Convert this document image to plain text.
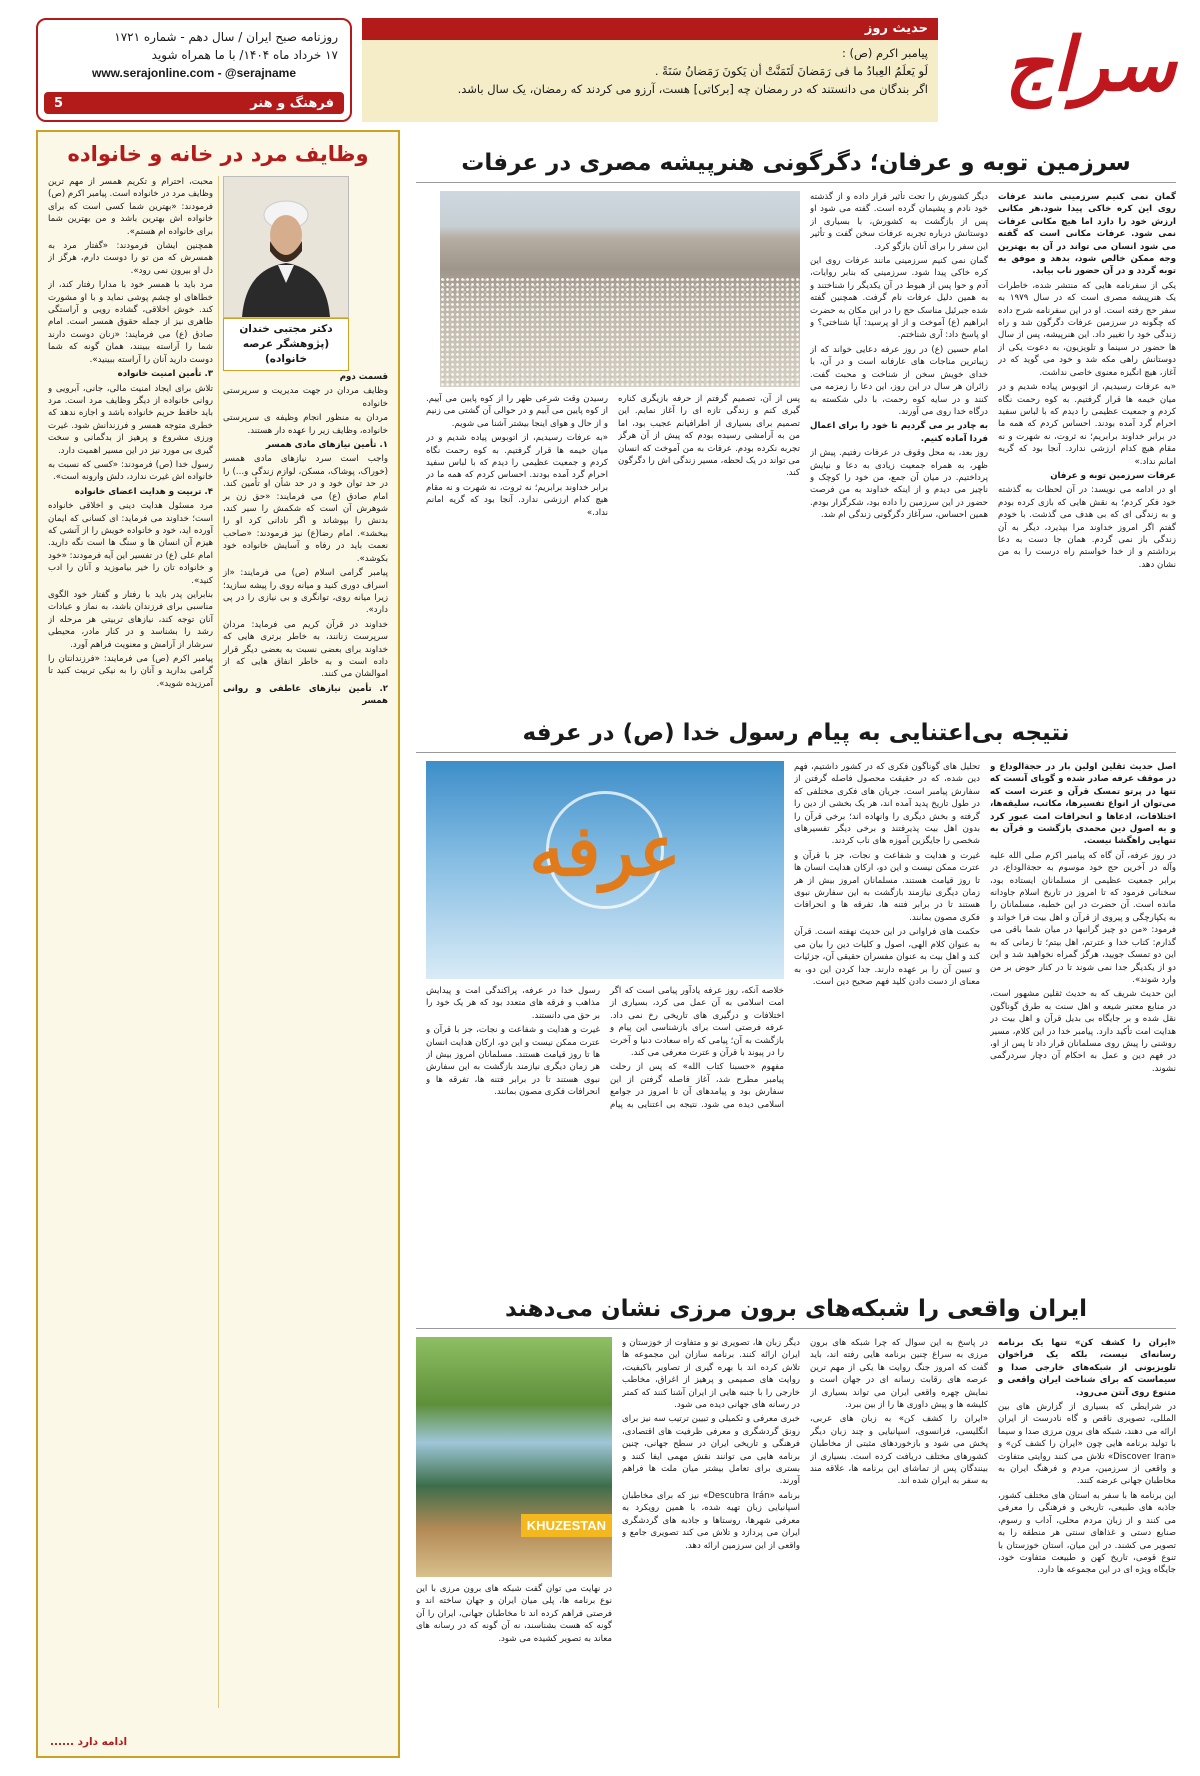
سراج
حدیث روز
پیامبر اکرم (ص) :
لَو یَعلَمُ العِبادُ ما فی رَمَضانَ لَتَمَنَّتْ أن یَکونَ رَمَضانُ سَنَةً .
اگر بندگان می دانستند که در رمضان چه [برکاتی] هست، آرزو می کردند که رمضان، یک سال باشد.
روزنامه صبح ایران / سال دهم - شماره ۱۷۲۱
۱۷ خرداد ماه ۱۴۰۴/ با ما همراه شوید
www.serajonline.com - @serajname
فرهنگ و هنر
5
وظایف مرد در خانه و خانواده
دکتر مجتبی خندان
(پژوهشگر عرصه خانواده)

قسمت دوم

وظایف مردان در جهت مدیریت و سرپرستی خانواده

مردان به منظور انجام وظیفه ی سرپرستی خانواده، وظایف زیر را عهده دار هستند.

۱. تأمین نیازهای مادی همسر

واجب است سرد نیازهای مادی همسر (خوراک، پوشاک، مسکن، لوازم زندگی و...) را در حد توان خود و در حد شأن او تأمین کند. امام صادق (ع) می فرمایند: «حق زن بر شوهرش آن است که شکمش را سیر کند، بدنش را بپوشاند و اگر نادانی کرد او را ببخشد». امام رضا(ع) نیز فرمودند: «صاحب نعمت باید در رفاه و آسایش خانواده خود بکوشد».

پیامبر گرامی اسلام (ص) می فرمایند: «از اسراف دوری کنید و میانه روی را پیشه سازید؛ زیرا میانه روی، توانگری و بی نیازی را در پی دارد».

خداوند در قرآن کریم می فرماید: مردان سرپرست زنانند، به خاطر برتری هایی که خداوند برای بعضی نسبت به بعضی دیگر قرار داده است و به خاطر انفاق هایی که از اموالشان می کنند.

۲. تأمین نیازهای عاطفی و روانی همسر

محبت، احترام و تکریم همسر از مهم ترین وظایف مرد در خانواده است. پیامبر اکرم (ص) فرمودند: «بهترین شما کسی است که برای خانواده اش بهترین باشد و من بهترین شما برای خانواده ام هستم».

همچنین ایشان فرمودند: «گفتار مرد به همسرش که من تو را دوست دارم، هرگز از دل او بیرون نمی رود».

مرد باید با همسر خود با مدارا رفتار کند، از خطاهای او چشم پوشی نماید و با او مشورت کند. خوش اخلاقی، گشاده رویی و آراستگی ظاهری نیز از جمله حقوق همسر است. امام صادق (ع) می فرمایند: «زنان دوست دارند شما را آراسته ببینند، همان گونه که شما دوست دارید آنان را آراسته ببینید».

۳. تأمین امنیت خانواده

تلاش برای ایجاد امنیت مالی، جانی، آبرویی و روانی خانواده از دیگر وظایف مرد است. مرد باید حافظ حریم خانواده باشد و اجازه ندهد که خطری متوجه همسر و فرزندانش شود. غیرت ورزی مشروع و پرهیز از بدگمانی و سخت گیری بی مورد نیز در این مسیر اهمیت دارد.

رسول خدا (ص) فرمودند: «کسی که نسبت به خانواده اش غیرت ندارد، دلش وارونه است».

۴. تربیت و هدایت اعضای خانواده

مرد مسئول هدایت دینی و اخلاقی خانواده است؛ خداوند می فرماید: ای کسانی که ایمان آورده اید، خود و خانواده خویش را از آتشی که هیزم آن انسان ها و سنگ ها است نگه دارید. امام علی (ع) در تفسیر این آیه فرمودند: «خود و خانواده تان را خیر بیاموزید و آنان را ادب کنید».

بنابراین پدر باید با رفتار و گفتار خود الگوی مناسبی برای فرزندان باشد، به نماز و عبادات آنان توجه کند، نیازهای تربیتی هر مرحله از رشد را بشناسد و در کنار مادر، محیطی سرشار از آرامش و معنویت فراهم آورد.

پیامبر اکرم (ص) می فرمایند: «فرزندانتان را گرامی بدارید و آنان را به نیکی تربیت کنید تا آمرزیده شوید».

ادامه دارد ......
سرزمین توبه و عرفان؛ دگرگونی هنرپیشه مصری در عرفات

گمان نمی کنیم سرزمینی مانند عرفات روی این کره خاکی پیدا شود.هر مکانی ارزش خود را دارد اما هیچ مکانی عرفات نمی شود. عرفات مکانی است که گفته می شود انسان می تواند در آن به بهترین وجه ممکن خالص شود، بدهد و موفق به توبه گردد و در آن حضور ناب بیابد.

یکی از سفرنامه هایی که منتشر شده، خاطرات یک هنرپیشه مصری است که در سال ۱۹۷۹ به سفر حج رفته است. او در این سفرنامه شرح داده که چگونه در سرزمین عرفات دگرگون شد و راه زندگی خود را تغییر داد. این هنرپیشه، پس از سال ها حضور در سینما و تلویزیون، به دعوت یکی از دوستانش راهی مکه شد و خود می گوید که در آغاز، هیچ انگیزه معنوی خاصی نداشت.

«به عرفات رسیدیم، از اتوبوس پیاده شدیم و در میان خیمه ها قرار گرفتیم. به کوه رحمت نگاه کردم و جمعیت عظیمی را دیدم که با لباس سفید احرام گرد آمده بودند. احساس کردم که همه ما در برابر خداوند برابریم؛ نه ثروت، نه شهرت و نه مقام هیچ کدام ارزشی ندارد. آنجا بود که گریه امانم نداد.»

عرفات سرزمین توبه و عرفان

او در ادامه می نویسد: در آن لحظات به گذشته خود فکر کردم؛ به نقش هایی که بازی کرده بودم و به زندگی ای که بی هدف می گذشت. با خودم گفتم اگر امروز خداوند مرا بپذیرد، دیگر به آن زندگی باز نمی گردم. همان جا دست به دعا برداشتم و از خدا خواستم راه درست را به من نشان دهد.

دیگر کشورش را تحت تأثیر قرار داده و از گذشته خود نادم و پشیمان گرده است. گفته می شود او پس از بازگشت به کشورش، با بسیاری از دوستانش درباره تجربه عرفات سخن گفت و تأثیر این سفر را برای آنان بازگو کرد.

گمان نمی کنیم سرزمینی مانند عرفات روی این کره خاکی پیدا شود. سرزمینی که بنابر روایات، آدم و حوا پس از هبوط در آن یکدیگر را شناختند و به همین دلیل عرفات نام گرفت. همچنین گفته شده جبرئیل مناسک حج را در این مکان به حضرت ابراهیم (ع) آموخت و از او پرسید: آیا شناختی؟ و او پاسخ داد: آری شناختم.

امام حسین (ع) در روز عرفه دعایی خواند که از زیباترین مناجات های عارفانه است و در آن، با خدای خویش سخن از شناخت و محبت گفت. زائران هر سال در این روز، این دعا را زمزمه می کنند و در سایه کوه رحمت، با دلی شکسته به درگاه خدا روی می آورند.

به چادر بر می گردیم تا خود را برای اعمال فردا آماده کنیم.

روز بعد، به محل وقوف در عرفات رفتیم. پیش از ظهر، به همراه جمعیت زیادی به دعا و نیایش پرداختیم. در میان آن جمع، من خود را کوچک و ناچیز می دیدم و از اینکه خداوند به من فرصت حضور در این سرزمین را داده بود، شکرگزار بودم. همین احساس، سرآغاز دگرگونی زندگی ام شد.

پس از آن، تصمیم گرفتم از حرفه بازیگری کناره گیری کنم و زندگی تازه ای را آغاز نمایم. این تصمیم برای بسیاری از اطرافیانم عجیب بود، اما من به آرامشی رسیده بودم که پیش از آن هرگز تجربه نکرده بودم. عرفات به من آموخت که انسان می تواند در یک لحظه، مسیر زندگی اش را دگرگون کند.

رسیدن وقت شرعی ظهر را از کوه پایین می آییم. از کوه پایین می آییم و در حوالی آن گشتی می زنیم و از حال و هوای اینجا بیشتر آشنا می شویم.

«به عرفات رسیدیم، از اتوبوس پیاده شدیم و در میان خیمه ها قرار گرفتیم. به کوه رحمت نگاه کردم و جمعیت عظیمی را دیدم که با لباس سفید احرام گرد آمده بودند. احساس کردم که همه ما در برابر خداوند برابریم؛ نه ثروت، نه شهرت و نه مقام هیچ کدام ارزشی ندارد. آنجا بود که گریه امانم نداد.»

نتیجه بی‌اعتنایی به پیام رسول خدا (ص) در عرفه

اصل حدیث ثقلین اولین بار در حجةالوداع و در موقف عرفه صادر شده و گویای آنست که تنها در پرتو تمسک قرآن و عترت است که می‌توان از انواع تفسیرها، مکاتب، سلیقه‌ها، اختلافات، ادعاها و انحرافات امت عبور کرد و به اصول دین محمدی بازگشت و قرآن به تنهایی راهگشا نیست.

در روز عرفه، آن گاه که پیامبر اکرم صلی الله علیه وآله در آخرین حج خود موسوم به حجةالوداع، در برابر جمعیت عظیمی از مسلمانان ایستاده بود، سخنانی فرمود که تا امروز در تاریخ اسلام جاودانه مانده است. آن حضرت در این خطبه، مسلمانان را به یکپارچگی و پیروی از قرآن و اهل بیت فرا خواند و فرمود: «من دو چیز گرانبها در میان شما باقی می گذارم: کتاب خدا و عترتم، اهل بیتم؛ تا زمانی که به این دو تمسک جویید، هرگز گمراه نخواهید شد و این دو از یکدیگر جدا نمی شوند تا در کنار حوض بر من وارد شوند».

این حدیث شریف که به حدیث ثقلین مشهور است، در منابع معتبر شیعه و اهل سنت به طرق گوناگون نقل شده و بر جایگاه بی بدیل قرآن و اهل بیت در هدایت امت تأکید دارد. پیامبر خدا در این کلام، مسیر روشنی را پیش روی مسلمانان قرار داد تا پس از او، در فهم دین و عمل به احکام آن دچار سردرگمی نشوند.

تحلیل های گوناگون فکری که در کشور داشتیم، فهم دین شده، که در حقیقت محصول فاصله گرفتن از سفارش پیامبر است. جریان های فکری مختلفی که در طول تاریخ پدید آمده اند، هر یک بخشی از دین را گرفته و بخش دیگری را وانهاده اند؛ برخی قرآن را بدون اهل بیت پذیرفتند و برخی دیگر تفسیرهای شخصی را جایگزین آموزه های ناب کردند.

غیرت و هدایت و شفاعت و نجات، جز با قرآن و عترت ممکن نیست و این دو، ارکان هدایت انسان ها تا روز قیامت هستند. مسلمانان امروز بیش از هر زمان دیگری نیازمند بازگشت به این سفارش نبوی هستند تا در برابر فتنه ها، تفرقه ها و انحرافات فکری مصون بمانند.

حکمت های فراوانی در این حدیث نهفته است. قرآن به عنوان کلام الهی، اصول و کلیات دین را بیان می کند و اهل بیت به عنوان مفسران حقیقی آن، جزئیات و تبیین آن را بر عهده دارند. جدا کردن این دو، به معنای از دست دادن کلید فهم صحیح دین است.

عرفه

خلاصه آنکه، روز عرفه یادآور پیامی است که اگر امت اسلامی به آن عمل می کرد، بسیاری از اختلافات و درگیری های تاریخی رخ نمی داد. عرفه فرصتی است برای بازشناسی این پیام و بازگشت به آن؛ پیامی که راه سعادت دنیا و آخرت را در پیوند با قرآن و عترت معرفی می کند.

مفهوم «حسبنا کتاب الله» که پس از رحلت پیامبر مطرح شد، آغاز فاصله گرفتن از این سفارش بود و پیامدهای آن تا امروز در جوامع اسلامی دیده می شود. نتیجه بی اعتنایی به پیام رسول خدا در عرفه، پراکندگی امت و پیدایش مذاهب و فرقه های متعدد بود که هر یک خود را بر حق می دانستند.

غیرت و هدایت و شفاعت و نجات، جز با قرآن و عترت ممکن نیست و این دو، ارکان هدایت انسان ها تا روز قیامت هستند. مسلمانان امروز بیش از هر زمان دیگری نیازمند بازگشت به این سفارش نبوی هستند تا در برابر فتنه ها، تفرقه ها و انحرافات فکری مصون بمانند.

ایران واقعی را شبکه‌های برون مرزی نشان می‌دهند

«ایران را کشف کن» تنها یک برنامه رسانه‌ای نیست، بلکه یک فراخوان تلویزیونی از شبکه‌های خارجی صدا و سیماست که برای شناخت ایران واقعی و متنوع روی آنتن می‌رود.

در شرایطی که بسیاری از گزارش های بین المللی، تصویری ناقص و گاه نادرست از ایران ارائه می دهند، شبکه های برون مرزی صدا و سیما با تولید برنامه هایی چون «ایران را کشف کن» و «Discover Iran» تلاش می کنند روایتی متفاوت و واقعی از سرزمین، مردم و فرهنگ ایران به مخاطبان جهانی عرضه کنند.

این برنامه ها با سفر به استان های مختلف کشور، جاذبه های طبیعی، تاریخی و فرهنگی را معرفی می کنند و از زبان مردم محلی، آداب و رسوم، صنایع دستی و غذاهای سنتی هر منطقه را به تصویر می کشند. در این میان، استان خوزستان با تنوع قومی، تاریخ کهن و طبیعت متفاوت خود، جایگاه ویژه ای در این مجموعه ها دارد.

در پاسخ به این سوال که چرا شبکه های برون مرزی به سراغ چنین برنامه هایی رفته اند، باید گفت که امروز جنگ روایت ها یکی از مهم ترین عرصه های رقابت رسانه ای در جهان است و نمایش چهره واقعی ایران می تواند بسیاری از کلیشه ها و پیش داوری ها را از بین ببرد.

«ایران را کشف کن» به زبان های عربی، انگلیسی، فرانسوی، اسپانیایی و چند زبان دیگر پخش می شود و بازخوردهای مثبتی از مخاطبان کشورهای مختلف دریافت کرده است. بسیاری از بینندگان پس از تماشای این برنامه ها، علاقه مند به سفر به ایران شده اند.

دیگر زبان ها، تصویری نو و متفاوت از خوزستان و ایران ارائه کنند. برنامه سازان این مجموعه ها تلاش کرده اند با بهره گیری از تصاویر باکیفیت، روایت های صمیمی و پرهیز از اغراق، مخاطب خارجی را با جنبه هایی از ایران آشنا کنند که کمتر در رسانه های جهانی دیده می شود.

خبری معرفی و تکمیلی و تبیین ترتیب سه نیز برای رونق گردشگری و معرفی ظرفیت های اقتصادی، فرهنگی و تاریخی ایران در سطح جهانی، چنین برنامه هایی می توانند نقش مهمی ایفا کنند و بستری برای تعامل بیشتر میان ملت ها فراهم آورند.

برنامه «Descubra Irán» نیز که برای مخاطبان اسپانیایی زبان تهیه شده، با همین رویکرد به معرفی شهرها، روستاها و جاذبه های گردشگری ایران می پردازد و تلاش می کند تصویری جامع و واقعی از این سرزمین ارائه دهد.

KHUZESTAN

در نهایت می توان گفت شبکه های برون مرزی با این نوع برنامه ها، پلی میان ایران و جهان ساخته اند و فرصتی فراهم کرده اند تا مخاطبان جهانی، ایران را آن گونه که هست بشناسند، نه آن گونه که در رسانه های معاند به تصویر کشیده می شود.
